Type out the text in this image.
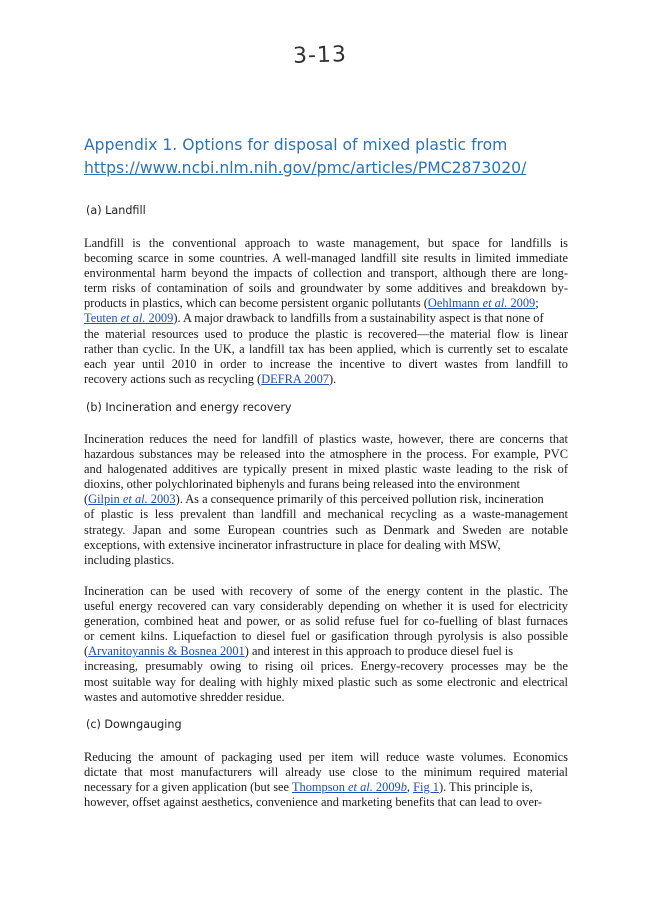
3-13
Appendix 1. Options for disposal of mixed plastic from
https://www.ncbi.nlm.nih.gov/pmc/articles/PMC2873020/
(a) Landfill

Landfill is the conventional approach to waste management, but space for landfills is
becoming scarce in some countries. A well-managed landfill site results in limited immediate
environmental harm beyond the impacts of collection and transport, although there are long-
term risks of contamination of soils and groundwater by some additives and breakdown by-
products in plastics, which can become persistent organic pollutants (Oehlmann et al. 2009;
Teuten et al. 2009). A major drawback to landfills from a sustainability aspect is that none of
the material resources used to produce the plastic is recovered—the material flow is linear
rather than cyclic. In the UK, a landfill tax has been applied, which is currently set to escalate
each year until 2010 in order to increase the incentive to divert wastes from landfill to
recovery actions such as recycling (DEFRA 2007).

(b) Incineration and energy recovery

Incineration reduces the need for landfill of plastics waste, however, there are concerns that
hazardous substances may be released into the atmosphere in the process. For example, PVC
and halogenated additives are typically present in mixed plastic waste leading to the risk of
dioxins, other polychlorinated biphenyls and furans being released into the environment
(Gilpin et al. 2003). As a consequence primarily of this perceived pollution risk, incineration
of plastic is less prevalent than landfill and mechanical recycling as a waste-management
strategy. Japan and some European countries such as Denmark and Sweden are notable
exceptions, with extensive incinerator infrastructure in place for dealing with MSW,
including plastics.

Incineration can be used with recovery of some of the energy content in the plastic. The
useful energy recovered can vary considerably depending on whether it is used for electricity
generation, combined heat and power, or as solid refuse fuel for co-fuelling of blast furnaces
or cement kilns. Liquefaction to diesel fuel or gasification through pyrolysis is also possible
(Arvanitoyannis & Bosnea 2001) and interest in this approach to produce diesel fuel is
increasing, presumably owing to rising oil prices. Energy-recovery processes may be the
most suitable way for dealing with highly mixed plastic such as some electronic and electrical
wastes and automotive shredder residue.

(c) Downgauging

Reducing the amount of packaging used per item will reduce waste volumes. Economics
dictate that most manufacturers will already use close to the minimum required material
necessary for a given application (but see Thompson et al. 2009b, Fig 1). This principle is,
however, offset against aesthetics, convenience and marketing benefits that can lead to over-
